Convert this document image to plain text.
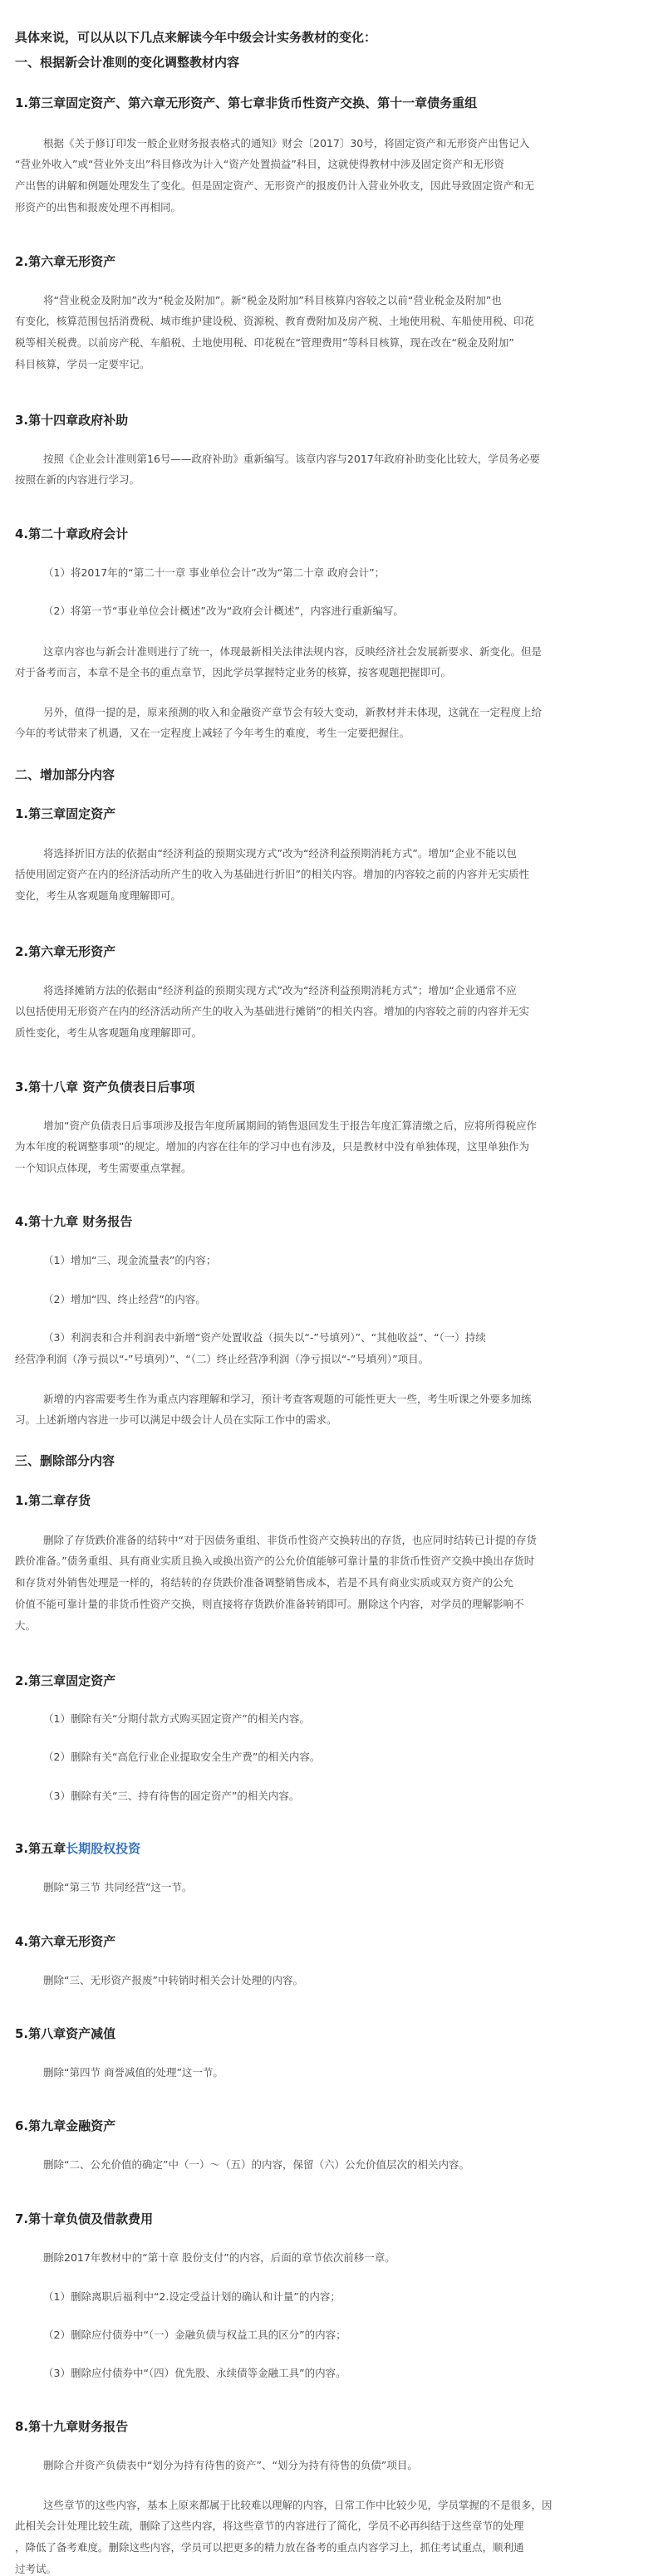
具体来说，可以从以下几点来解读今年中级会计实务教材的变化：
一、根据新会计准则的变化调整教材内容
1.第三章固定资产、第六章无形资产、第七章非货币性资产交换、第十一章债务重组
根据《关于修订印发一般企业财务报表格式的通知》财会〔2017〕30号，将固定资产和无形资产出售记入
“营业外收入”或“营业外支出”科目修改为计入“资产处置损益”科目，这就使得教材中涉及固定资产和无形资
产出售的讲解和例题处理发生了变化。但是固定资产、无形资产的报废仍计入营业外收支，因此导致固定资产和无
形资产的出售和报废处理不再相同。
2.第六章无形资产
将“营业税金及附加”改为“税金及附加”。新“税金及附加”科目核算内容较之以前“营业税金及附加”也
有变化，核算范围包括消费税、城市维护建设税、资源税、教育费附加及房产税、土地使用税、车船使用税、印花
税等相关税费。以前房产税、车船税、土地使用税、印花税在“管理费用”等科目核算，现在改在“税金及附加”
科目核算，学员一定要牢记。
3.第十四章政府补助
按照《企业会计准则第16号——政府补助》重新编写。该章内容与2017年政府补助变化比较大，学员务必要
按照在新的内容进行学习。
4.第二十章政府会计
（1）将2017年的“第二十一章 事业单位会计”改为“第二十章 政府会计”；
（2）将第一节“事业单位会计概述”改为“政府会计概述”，内容进行重新编写。
这章内容也与新会计准则进行了统一，体现最新相关法律法规内容，反映经济社会发展新要求、新变化。但是
对于备考而言，本章不是全书的重点章节，因此学员掌握特定业务的核算，按客观题把握即可。
另外，值得一提的是，原来预测的收入和金融资产章节会有较大变动，新教材并未体现，这就在一定程度上给
今年的考试带来了机遇，又在一定程度上减轻了今年考生的难度，考生一定要把握住。
二、增加部分内容
1.第三章固定资产
将选择折旧方法的依据由“经济利益的预期实现方式”改为“经济利益预期消耗方式”。增加“企业不能以包
括使用固定资产在内的经济活动所产生的收入为基础进行折旧”的相关内容。增加的内容较之前的内容并无实质性
变化，考生从客观题角度理解即可。
2.第六章无形资产
将选择摊销方法的依据由“经济利益的预期实现方式”改为“经济利益预期消耗方式”；增加“企业通常不应
以包括使用无形资产在内的经济活动所产生的收入为基础进行摊销”的相关内容。增加的内容较之前的内容并无实
质性变化，考生从客观题角度理解即可。
3.第十八章 资产负债表日后事项
增加“资产负债表日后事项涉及报告年度所属期间的销售退回发生于报告年度汇算清缴之后，应将所得税应作
为本年度的税调整事项”的规定。增加的内容在往年的学习中也有涉及，只是教材中没有单独体现，这里单独作为
一个知识点体现，考生需要重点掌握。
4.第十九章 财务报告
（1）增加“三、现金流量表”的内容；
（2）增加“四、终止经营”的内容。
（3）利润表和合并利润表中新增“资产处置收益（损失以“-”号填列）”、“其他收益”、“（一）持续
经营净利润（净亏损以“-”号填列）”、“（二）终止经营净利润（净亏损以“-”号填列）”项目。
新增的内容需要考生作为重点内容理解和学习，预计考查客观题的可能性更大一些，考生听课之外要多加练
习。上述新增内容进一步可以满足中级会计人员在实际工作中的需求。
三、删除部分内容
1.第二章存货
删除了存货跌价准备的结转中“对于因债务重组、非货币性资产交换转出的存货，也应同时结转已计提的存货
跌价准备。”债务重组、具有商业实质且换入或换出资产的公允价值能够可靠计量的非货币性资产交换中换出存货时
和存货对外销售处理是一样的，将结转的存货跌价准备调整销售成本，若是不具有商业实质或双方资产的公允
价值不能可靠计量的非货币性资产交换，则直接将存货跌价准备转销即可。删除这个内容，对学员的理解影响不
大。
2.第三章固定资产
（1）删除有关“分期付款方式购买固定资产”的相关内容。
（2）删除有关“高危行业企业提取安全生产费”的相关内容。
（3）删除有关“三、持有待售的固定资产”的相关内容。
3.第五章长期股权投资
删除“第三节 共同经营”这一节。
4.第六章无形资产
删除“三、无形资产报废”中转销时相关会计处理的内容。
5.第八章资产减值
删除“第四节 商誉减值的处理”这一节。
6.第九章金融资产
删除“二、公允价值的确定”中（一）～（五）的内容，保留（六）公允价值层次的相关内容。
7.第十章负债及借款费用
删除2017年教材中的“第十章 股份支付”的内容，后面的章节依次前移一章。
（1）删除离职后福利中“2.设定受益计划的确认和计量”的内容；
（2）删除应付债券中“（一）金融负债与权益工具的区分”的内容；
（3）删除应付债券中“（四）优先股、永续债等金融工具”的内容。
8.第十九章财务报告
删除合并资产负债表中“划分为持有待售的资产”、“划分为持有待售的负债”项目。
这些章节的这些内容，基本上原来都属于比较难以理解的内容，日常工作中比较少见，学员掌握的不是很多，因
此相关会计处理比较生疏，删除了这些内容，将这些章节的内容进行了简化，学员不必再纠结于这些章节的处理
，降低了备考难度。删除这些内容，学员可以把更多的精力放在备考的重点内容学习上，抓住考试重点，顺利通
过考试。
